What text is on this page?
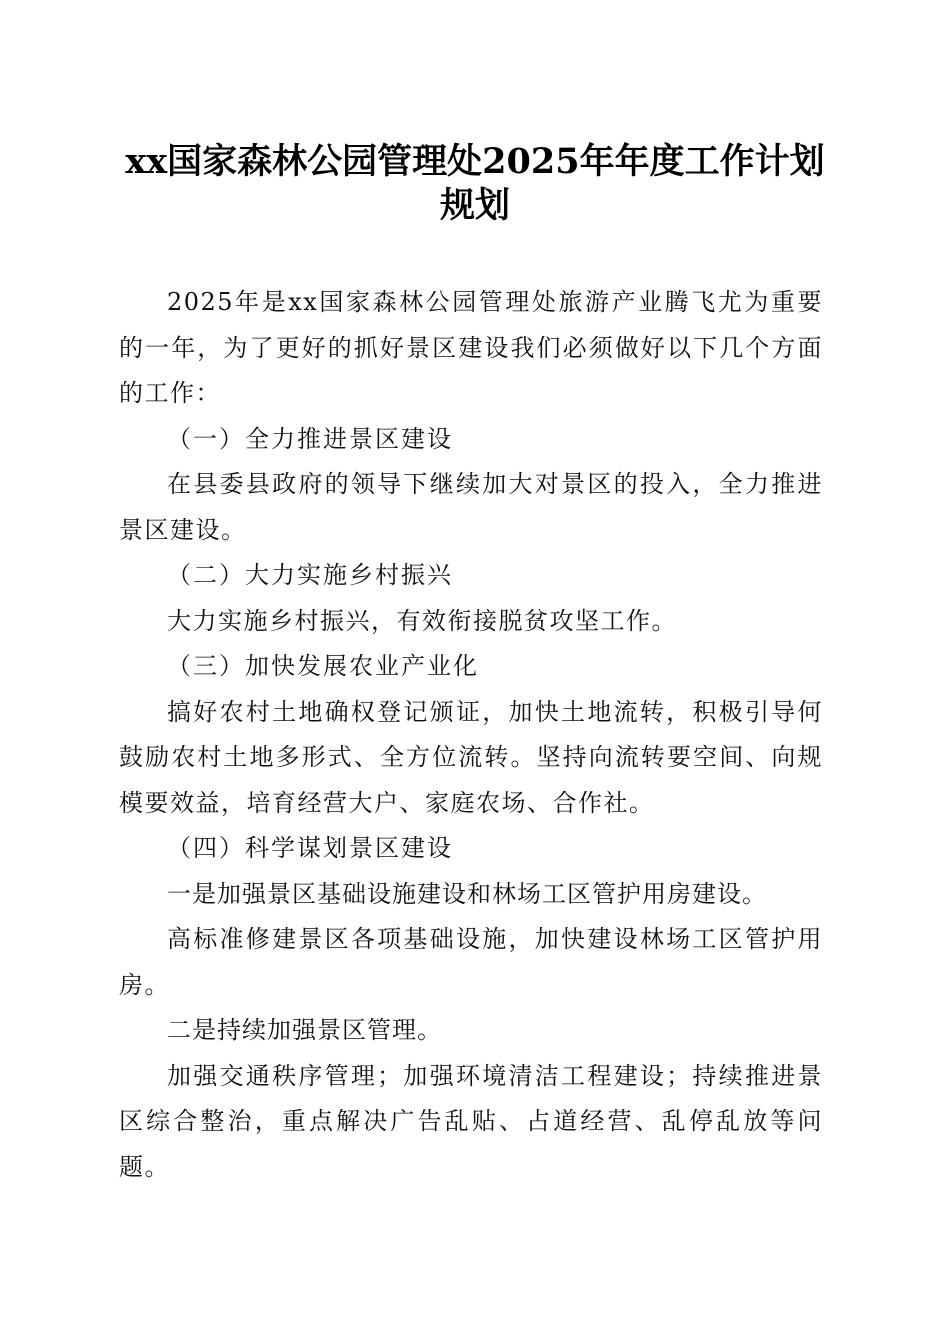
xx国家森林公园管理处2025年年度工作计划
规划

2025年是xx国家森林公园管理处旅游产业腾飞尤为重要的一年，为了更好的抓好景区建设我们必须做好以下几个方面的工作：

（一）全力推进景区建设

在县委县政府的领导下继续加大对景区的投入，全力推进景区建设。

（二）大力实施乡村振兴

大力实施乡村振兴，有效衔接脱贫攻坚工作。

（三）加快发展农业产业化

搞好农村土地确权登记颁证，加快土地流转，积极引导何鼓励农村土地多形式、全方位流转。坚持向流转要空间、向规模要效益，培育经营大户、家庭农场、合作社。

（四）科学谋划景区建设

一是加强景区基础设施建设和林场工区管护用房建设。

高标准修建景区各项基础设施，加快建设林场工区管护用房。

二是持续加强景区管理。

加强交通秩序管理；加强环境清洁工程建设；持续推进景区综合整治，重点解决广告乱贴、占道经营、乱停乱放等问题。
